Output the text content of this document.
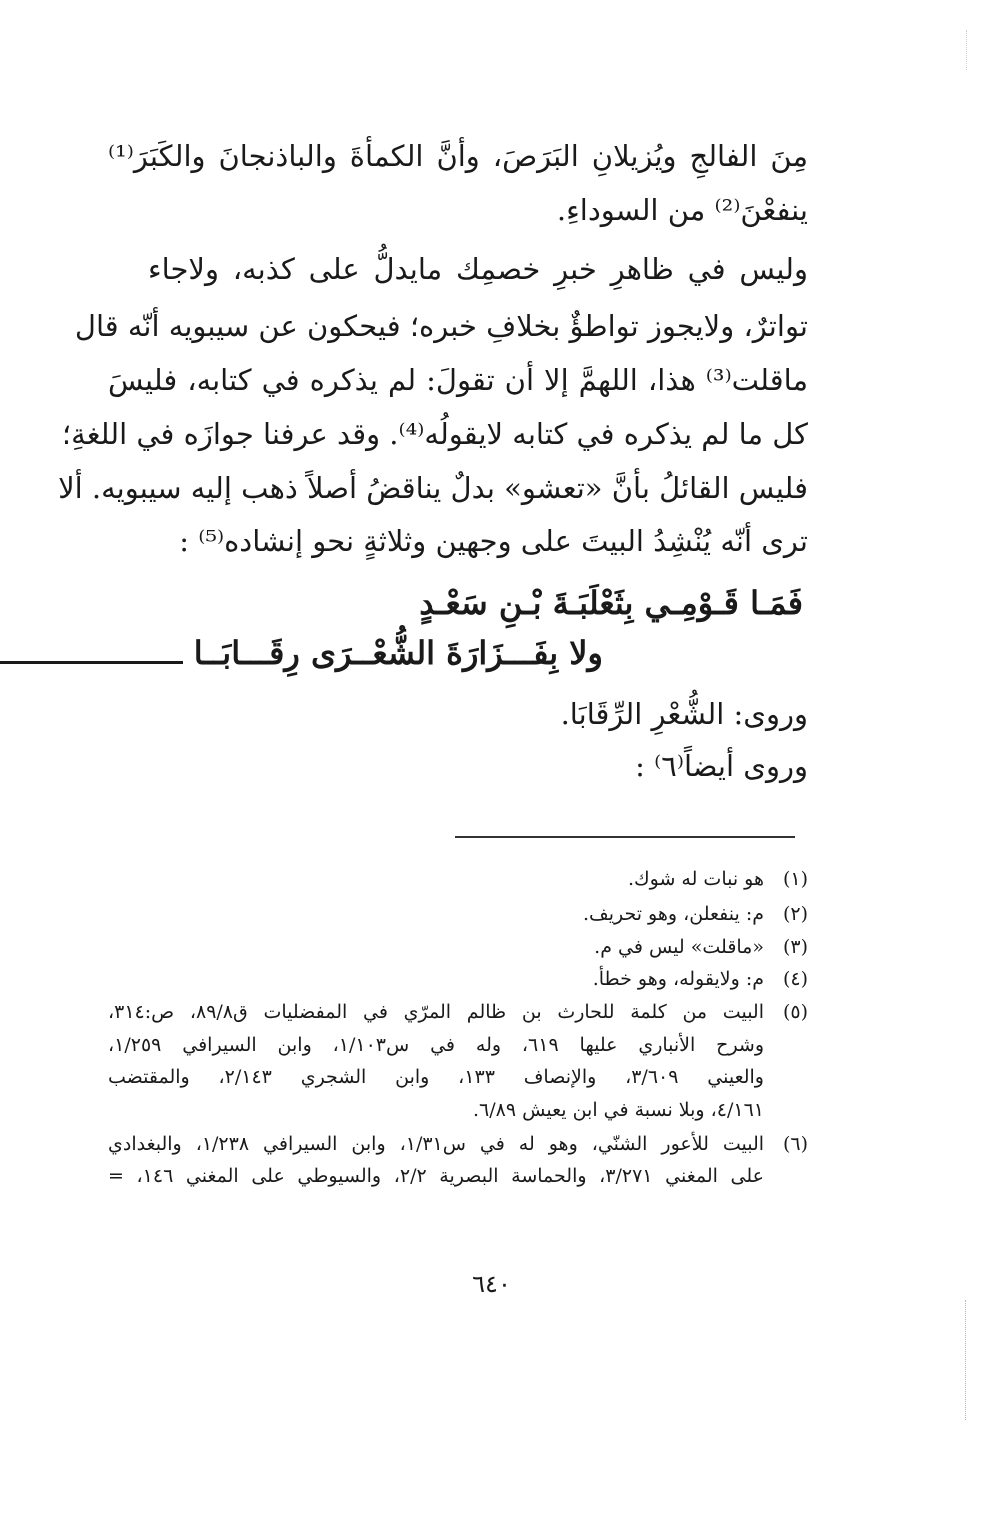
مِنَ الفالجِ ويُزيلانِ البَرَصَ، وأنَّ الكمأةَ والباذنجانَ والكَبَرَ⁽¹⁾
ينفعْنَ⁽²⁾ من السوداءِ.
وليس في ظاهرِ خبرِ خصمِك مايدلُّ على كذبه، ولاجاء
تواترٌ، ولايجوز تواطؤٌ بخلافِ خبره؛ فيحكون عن سيبويه أنّه قال
ماقلت⁽³⁾ هذا، اللهمَّ إلا أن تقولَ: لم يذكره في كتابه، فليسَ
كل ما لم يذكره في كتابه لايقولُه⁽⁴⁾. وقد عرفنا جوازَه في اللغةِ؛
فليس القائلُ بأنَّ «تعشو» بدلٌ يناقضُ أصلاً ذهب إليه سيبويه. ألا
ترى أنّه يُنْشِدُ البيتَ على وجهين وثلاثةٍ نحو إنشاده⁽⁵⁾ :
فَمَـا قَـوْمِـي بِثَعْلَبَـةَ بْـنِ سَعْـدٍ
ولا بِفَـــزَارَةَ الشُّعْــرَى رِقَـــابَــا
وروى: الشُّعْرِ الرِّقَابَا.
وروى أيضاً⁽٦⁾ :
(١)
هو نبات له شوك.
(٢)
م: ينفعلن، وهو تحريف.
(٣)
«ماقلت» ليس في م.
(٤)
م: ولايقوله، وهو خطأ.
(٥)
البيت من كلمة للحارث بن ظالم المرّي في المفضليات ق٨٩/٨، ص:٣١٤،
وشرح الأنباري عليها ٦١٩، وله في س١/١٠٣، وابن السيرافي ١/٢٥٩،
والعيني ٣/٦٠٩، والإنصاف ١٣٣، وابن الشجري ٢/١٤٣، والمقتضب
٤/١٦١، وبلا نسبة في ابن يعيش ٦/٨٩.
(٦)
البيت للأعور الشنّي، وهو له في س١/٣١، وابن السيرافي ١/٢٣٨، والبغدادي
على المغني ٣/٢٧١، والحماسة البصرية ٢/٢، والسيوطي على المغني ١٤٦، =
٦٤٠
